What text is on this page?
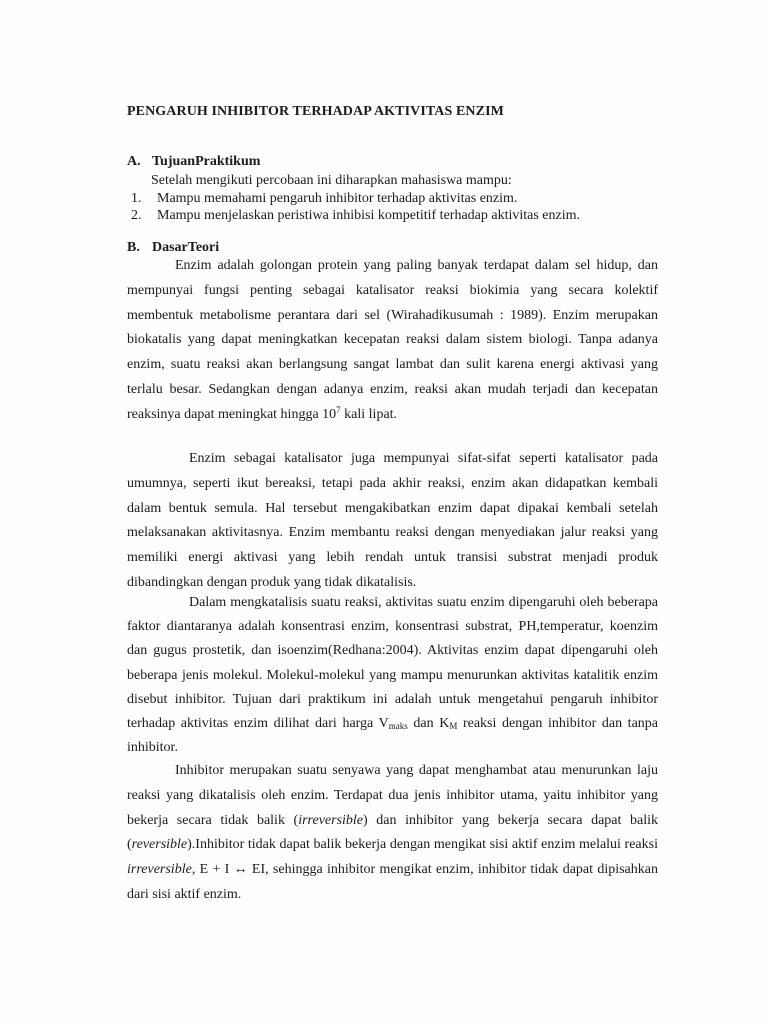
PENGARUH INHIBITOR TERHADAP AKTIVITAS ENZIM
A. TujuanPraktikum
Setelah mengikuti percobaan ini diharapkan mahasiswa mampu:
1. Mampu memahami pengaruh inhibitor terhadap aktivitas enzim.
2. Mampu menjelaskan peristiwa inhibisi kompetitif terhadap aktivitas enzim.
B. DasarTeori

Enzim adalah golongan protein yang paling banyak terdapat dalam sel hidup, dan mempunyai fungsi penting sebagai katalisator reaksi biokimia yang secara kolektif membentuk metabolisme perantara dari sel (Wirahadikusumah : 1989). Enzim merupakan biokatalis yang dapat meningkatkan kecepatan reaksi dalam sistem biologi. Tanpa adanya enzim, suatu reaksi akan berlangsung sangat lambat dan sulit karena energi aktivasi yang terlalu besar. Sedangkan dengan adanya enzim, reaksi akan mudah terjadi dan kecepatan reaksinya dapat meningkat hingga $10^7$ kali lipat.

Enzim sebagai katalisator juga mempunyai sifat-sifat seperti katalisator pada umumnya, seperti ikut bereaksi, tetapi pada akhir reaksi, enzim akan didapatkan kembali dalam bentuk semula. Hal tersebut mengakibatkan enzim dapat dipakai kembali setelah melaksanakan aktivitasnya. Enzim membantu reaksi dengan menyediakan jalur reaksi yang memiliki energi aktivasi yang lebih rendah untuk transisi substrat menjadi produk dibandingkan dengan produk yang tidak dikatalisis.

Dalam mengkatalisis suatu reaksi, aktivitas suatu enzim dipengaruhi oleh beberapa faktor diantaranya adalah konsentrasi enzim, konsentrasi substrat, PH,temperatur, koenzim dan gugus prostetik, dan isoenzim(Redhana:2004). Aktivitas enzim dapat dipengaruhi oleh beberapa jenis molekul. Molekul-molekul yang mampu menurunkan aktivitas katalitik enzim disebut inhibitor. Tujuan dari praktikum ini adalah untuk mengetahui pengaruh inhibitor terhadap aktivitas enzim dilihat dari harga $V_{maks}$ dan $K_M$ reaksi dengan inhibitor dan tanpa inhibitor.

Inhibitor merupakan suatu senyawa yang dapat menghambat atau menurunkan laju reaksi yang dikatalisis oleh enzim. Terdapat dua jenis inhibitor utama, yaitu inhibitor yang bekerja secara tidak balik (irreversible) dan inhibitor yang bekerja secara dapat balik (reversible).Inhibitor tidak dapat balik bekerja dengan mengikat sisi aktif enzim melalui reaksi irreversible, E + I ↔ EI, sehingga inhibitor mengikat enzim, inhibitor tidak dapat dipisahkan dari sisi aktif enzim.
